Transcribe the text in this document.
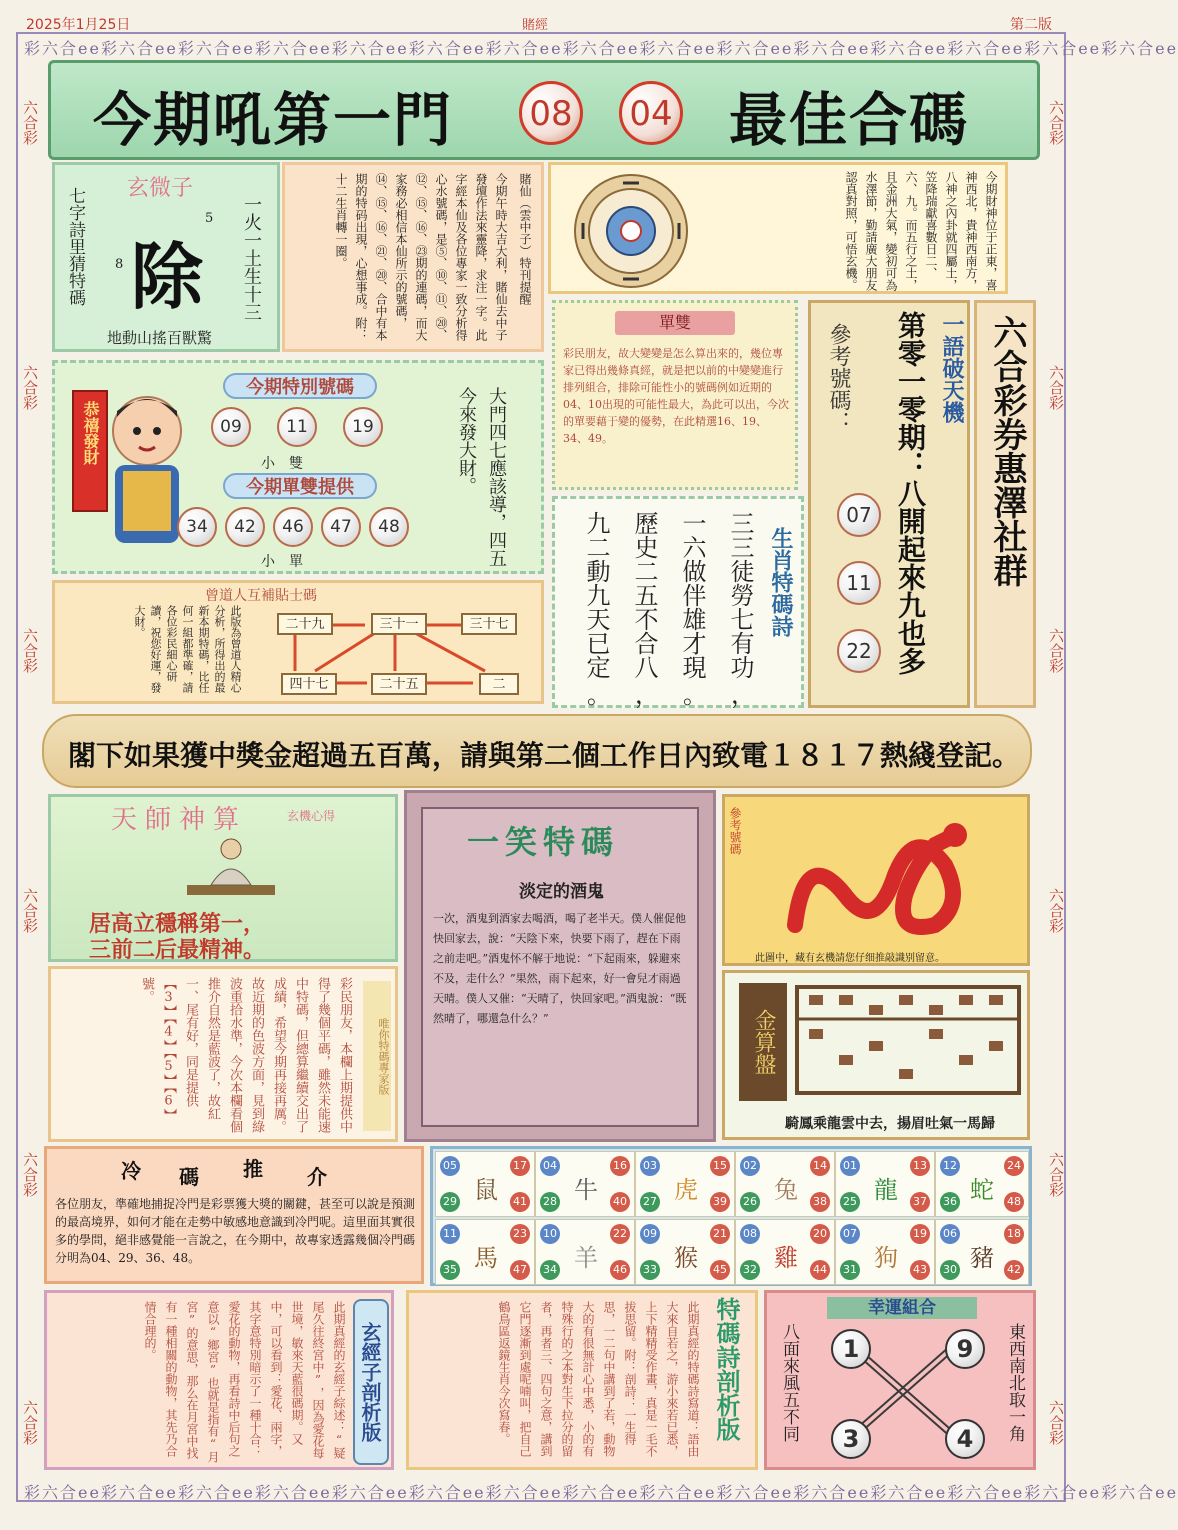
2025年1月25日	賭經	第二版
彩六合ee彩六合ee彩六合ee彩六合ee彩六合ee彩六合ee彩六合ee彩六合ee彩六合ee彩六合ee彩六合ee彩六合ee彩六合ee彩六合ee彩六合ee
彩六合ee彩六合ee彩六合ee彩六合ee彩六合ee彩六合ee彩六合ee彩六合ee彩六合ee彩六合ee彩六合ee彩六合ee彩六合ee彩六合ee彩六合ee
六合彩
六合彩
六合彩
六合彩
六合彩
六合彩
六合彩
六合彩
六合彩
六合彩
六合彩
六合彩
今期吼第一門	08	04 最佳合碼
玄微子
七字詩里猜特碼	5
8 除 一火一土生十三
地動山搖百獸驚
賭仙（雲中子）特刊提醒
今期午時大吉大利，賭仙去中子發壇作法來靈降，求注一字。此字經本仙及各位專家一致分析得心水號碼，是⑤、⑩、⑪、⑳、⑫、⑮、⑯、㉓期的連碼，而大家務必相信本仙所示的號碼，⑭、⑮、⑯、㉑、⑳、合中有本期的特码出現，心想事成。附：十二生肖轉一圈。	今期財神位于正東，喜神西北，貴神西南方，八神之內卦就四屬土，笠降瑞獻喜數日二、六、九。而五行之土，且金洲大氣，變初可為水澤節，勤請廣大朋友認真對照，可悟玄機。
恭禧發財
今期特別號碼
09	11	19
小　雙
今期單雙提供
34	42	46	47	48
小　單	大門四七應該導，四五今來發大財。
單雙
彩民朋友，故大變變是怎么算出來的，幾位專家已得出幾條真經，就是把以前的中變變進行排列組合，排除可能性小的號碼例如近期的04、10出現的可能性最大，為此可以出，今次的單要藉于變的優勢，在此精選16、19、34、49。
參考號碼： 第零一零期：八開起來九也多 一語破天機
07
11
22
六合彩券惠澤社群
曾道人互補貼士碼
此版為曾道人精心分析，所得出的最新本期特碼，比任何一組都準確，請各位彩民細心研讀，祝您好運，發大財。	二十九	三十一	三十七
四十七	二十五	二
三三徒勞七有功
一六做伴雄才現
歷史二五不合八
九二動九天已定
，
。
，
。
生肖特碼詩
閣下如果獲中獎金超過五百萬，請與第二個工作日內致電１８１７熱綫登記。
天師神算	玄機心得
居高立穩稱第一，
三前二后最精神。
彩民朋友，本欄上期提供中得了幾個平碼，雖然未能速中特碼，但總算繼續交出了成績，希望今期再接再厲。故近期的色波方面，見到綠波重拾水準，今次本欄看個推介自然是藍波了，故紅一、尾有好，同是提供【3】【4】【5】【6】號。
唯你特碼專家版
一笑特碼
淡定的酒鬼
一次，酒鬼到酒家去喝酒，喝了老半天。僕人催促他快回家去，說：“天陰下來，快要下雨了，趕在下雨之前走吧。”酒鬼怀不解于地说：“下起雨來，躲避來不及，走什么？”果然，雨下起來，好一會兒才雨過天晴。僕人又催：“天晴了，快回家吧。”酒鬼說：“既然晴了，哪還急什么？”
參考號碼
此圖中，藏有玄機請您仔细推敲識别留意。
金算盤
騎鳳乘龍雲中去，揚眉吐氣一馬歸
冷 碼 推 介
各位朋友，準確地捕捉冷門是彩票獲大獎的關鍵，甚至可以說是預測的最高境界，如何才能在走勢中敏感地意識到冷門呢。這里面其實很多的學問，絕非感覺能一言說之，在今期中，故專家透露幾個冷門碼分明為04、29、36、48。
05	17
29	41
鼠
04	16
28	40
牛
03	15
27	39
虎
02	14
26	38
兔
01	13
25	37
龍
12	24
36	48
蛇
11	23
35	47
馬
10	22
34	46
羊
09	21
33	45
猴
08	20
32	44
雞
07	19
31	43
狗
06	18
30	42
豬
此期真經的玄經子綜述：“疑尾久往終宮中”，因為愛花每世境，敏來天藍很碼期。又中，可以看到：愛花、兩字，其字意特別暗示了一種十合：愛花的動物，再看詩中后句之意以“鄉宮”也就是指有“月宮”的意思，那么在月宮中找有一種相關的動物，其先乃合情合理的。	玄經子剖析版	此期真經的特碼詩寫道：語由大來自若之，游小來若已悉，上下精精受作畫，真是一毛不拔思留。附：剖詩：一生得思，一二句中講到了若，動物大的有很無計心中悉，小的有特殊行的之本對生下拉分的留者，再者三、四句之意，講到它門逐漸到處呢喃叫，把自己鶴鳥區返鏡生肖今次寫春。	特碼詩剖析版	幸運組合
八面來風五不同	東西南北取一角
1	9
3	4
